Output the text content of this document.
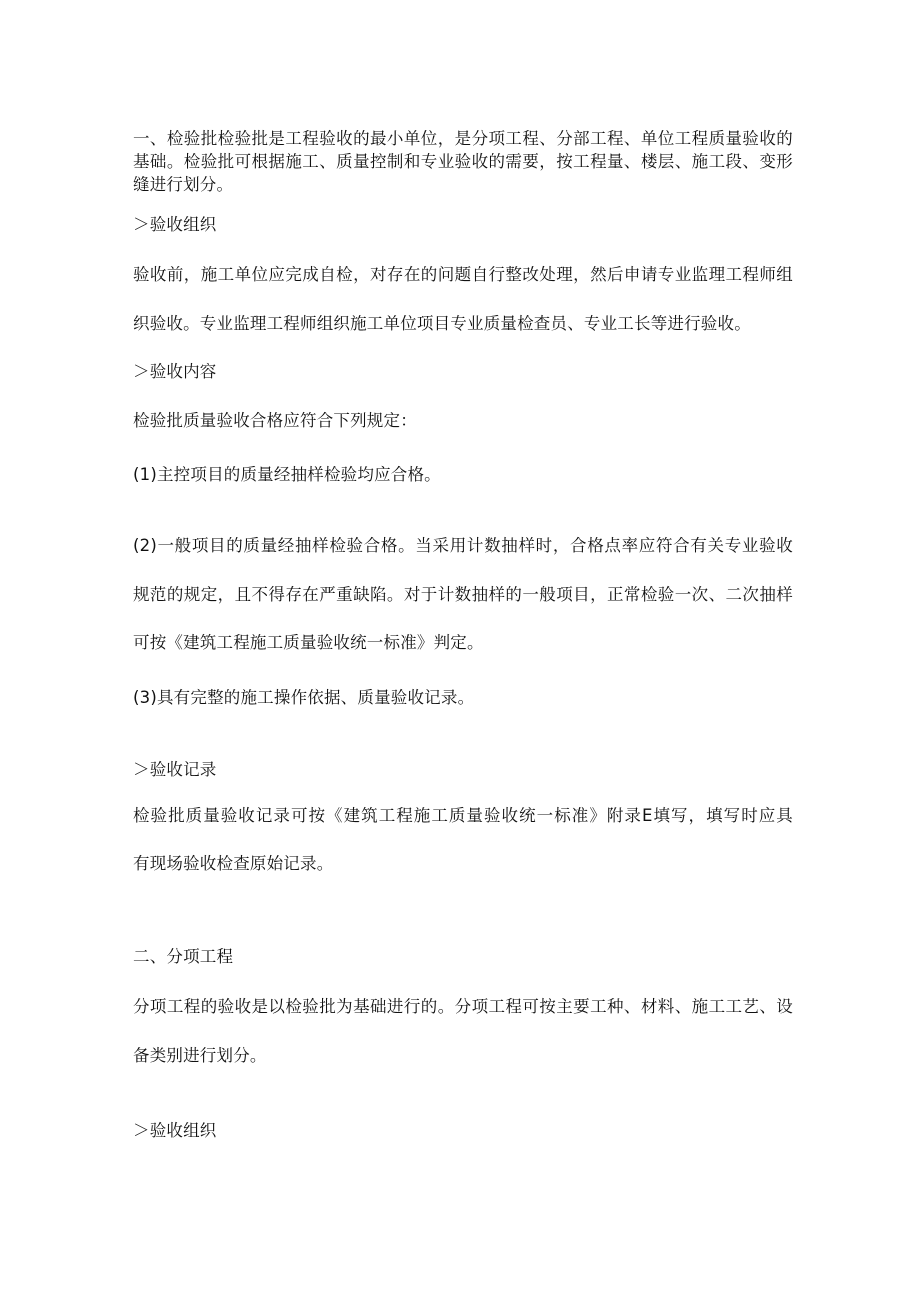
一、检验批检验批是工程验收的最小单位，是分项工程、分部工程、单位工程质量验收的
基础。检验批可根据施工、质量控制和专业验收的需要，按工程量、楼层、施工段、变形
缝进行划分。
＞验收组织
验收前，施工单位应完成自检，对存在的问题自行整改处理，然后申请专业监理工程师组
织验收。专业监理工程师组织施工单位项目专业质量检查员、专业工长等进行验收。
＞验收内容
检验批质量验收合格应符合下列规定：
(1)主控项目的质量经抽样检验均应合格。
(2)一般项目的质量经抽样检验合格。当采用计数抽样时，合格点率应符合有关专业验收
规范的规定，且不得存在严重缺陷。对于计数抽样的一般项目，正常检验一次、二次抽样
可按《建筑工程施工质量验收统一标准》判定。
(3)具有完整的施工操作依据、质量验收记录。
＞验收记录
检验批质量验收记录可按《建筑工程施工质量验收统一标准》附录E填写，填写时应具
有现场验收检查原始记录。
二、分项工程
分项工程的验收是以检验批为基础进行的。分项工程可按主要工种、材料、施工工艺、设
备类别进行划分。
＞验收组织
